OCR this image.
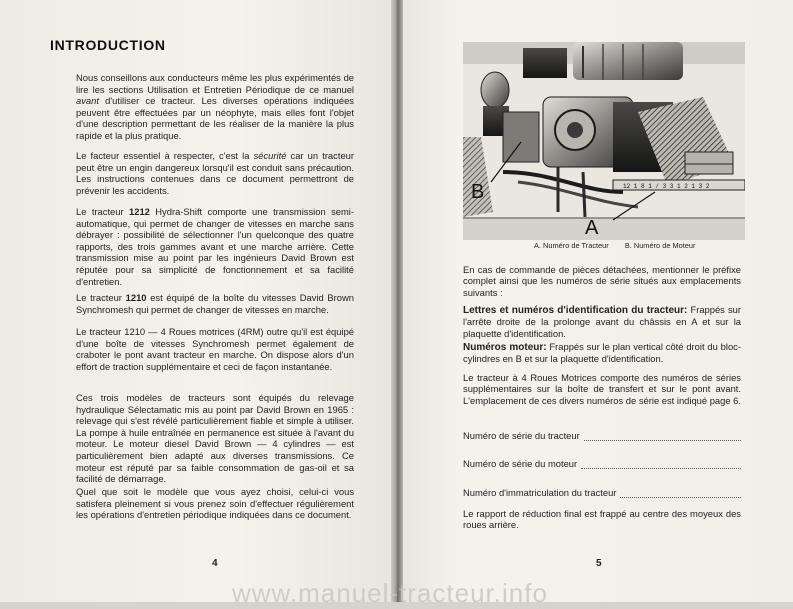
INTRODUCTION

Nous conseillons aux conducteurs même les plus expérimentés de lire les sections Utilisation et Entretien Périodique de ce manuel avant d'utiliser ce tracteur. Les diverses opérations indiquées peuvent être effectuées par un néophyte, mais elles font l'objet d'une description permettant de les réaliser de la manière la plus rapide et la plus pratique.

Le facteur essentiel à respecter, c'est la sécurité car un tracteur peut être un engin dangereux lorsqu'il est conduit sans précaution. Les instructions contenues dans ce document permettront de prévenir les accidents.

Le tracteur 1212 Hydra-Shift comporte une transmission semi-automatique, qui permet de changer de vitesses en marche sans débrayer : possibilité de sélectionner l'un quelconque des quatre rapports, des trois gammes avant et une marche arrière. Cette transmission mise au point par les ingénieurs David Brown est réputée pour sa simplicité de fonctionnement et sa facilité d'entretien.

Le tracteur 1210 est équipé de la boîte du vitesses David Brown Synchromesh qui permet de changer de vitesses en marche.

Le tracteur 1210 — 4 Roues motrices (4RM) outre qu'il est équipé d'une boîte de vitesses Synchromesh permet également de craboter le pont avant tracteur en marche. On dispose alors d'un effort de traction supplémentaire et ceci de façon instantanée.

Ces trois modèles de tracteurs sont équipés du relevage hydraulique Sélectamatic mis au point par David Brown en 1965 : relevage qui s'est révélé particulièrement fiable et simple à utiliser. La pompe à huile entraînée en permanence est située à l'avant du moteur. Le moteur diesel David Brown — 4 cylindres — est particulièrement bien adapté aux diverses transmissions. Ce moteur est réputé par sa faible consommation de gas-oil et sa facilité de démarrage.

Quel que soit le modèle que vous ayez choisi, celui-ci vous satisfera pleinement si vous prenez soin d'effectuer régulièrement les opérations d'entretien périodique indiquées dans ce document.

4
12 1 8 1 / 3 3 1 2 1 3 2
B
A
A. Numéro de Tracteur B. Numéro de Moteur

En cas de commande de pièces détachées, mentionner le préfixe complet ainsi que les numéros de série situés aux emplacements suivants :

Lettres et numéros d'identification du tracteur: Frappés sur l'arrête droite de la prolonge avant du châssis en A et sur la plaquette d'identification.

Numéros moteur: Frappés sur le plan vertical côté droit du bloc-cylindres en B et sur la plaquette d'identification.

Le tracteur à 4 Roues Motrices comporte des numéros de séries supplémentaires sur la boîte de transfert et sur le pont avant. L'emplacement de ces divers numéros de série est indiqué page 6.

Numéro de série du tracteur
Numéro de série du moteur
Numéro d'immatriculation du tracteur

Le rapport de réduction final est frappé au centre des moyeux des roues arrière.

5
www.manuel-tracteur.info
